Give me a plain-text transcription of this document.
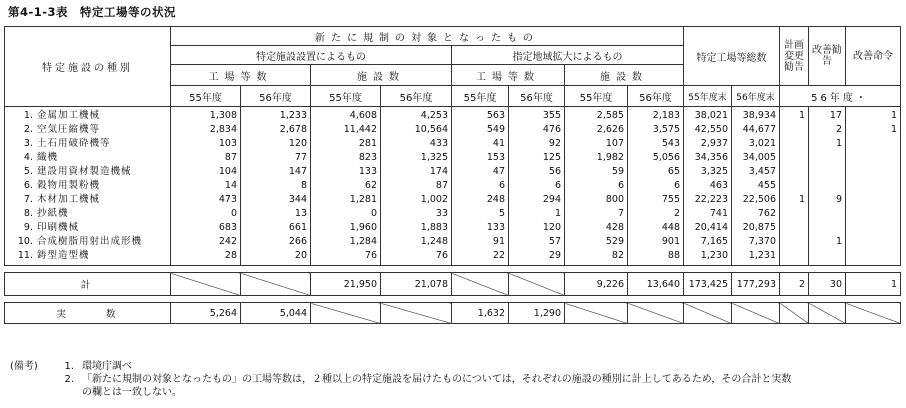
第4-1-3表　特定工場等の状況
特定施設の種別	新たに規制の対象となったもの								特定工場等総数		計画変更勧告	改善勧告	改善命令
	特定施設設置によるもの				指定地域拡大によるもの								
	工場等数		施設数		工場等数		施設数						
	55年度	56年度	55年度	56年度	55年度	56年度	55年度	56年度	55年度末	56年度末	56年度・		
1. 金属加工機械	1,308	1,233	4,608	4,253	563	355	2,585	2,183	38,021	38,934	1	17	1
2. 空気圧縮機等	2,834	2,678	11,442	10,564	549	476	2,626	3,575	42,550	44,677		2	1
3. 土石用破砕機等	103	120	281	433	41	92	107	543	2,937	3,021		1	
4. 織機	87	77	823	1,325	153	125	1,982	5,056	34,356	34,005			
5. 建設用資材製造機械	104	147	133	174	47	56	59	65	3,325	3,457			
6. 穀物用製粉機	14	8	62	87	6	6	6	6	463	455			
7. 木材加工機械	473	344	1,281	1,002	248	294	800	755	22,223	22,506	1	9	
8. 抄紙機	0	13	0	33	5	1	7	2	741	762			
9. 印刷機械	683	661	1,960	1,883	133	120	428	448	20,414	20,875			
10. 合成樹脂用射出成形機	242	266	1,284	1,248	91	57	529	901	7,165	7,370		1	
11. 鋳型造型機	28	20	76	76	22	29	82	88	1,230	1,231			

計			21,950	21,078			9,226	13,640	173,425	177,293	2	30	1

実数	5,264	5,044			1,632	1,290							
(備考)	1. 環境庁調べ
2. 「新たに規制の対象となったもの」の工場等数は，２種以上の特定施設を届けたものについては，それぞれの施設の種別に計上してあるため，その合計と実数
の欄とは一致しない。
